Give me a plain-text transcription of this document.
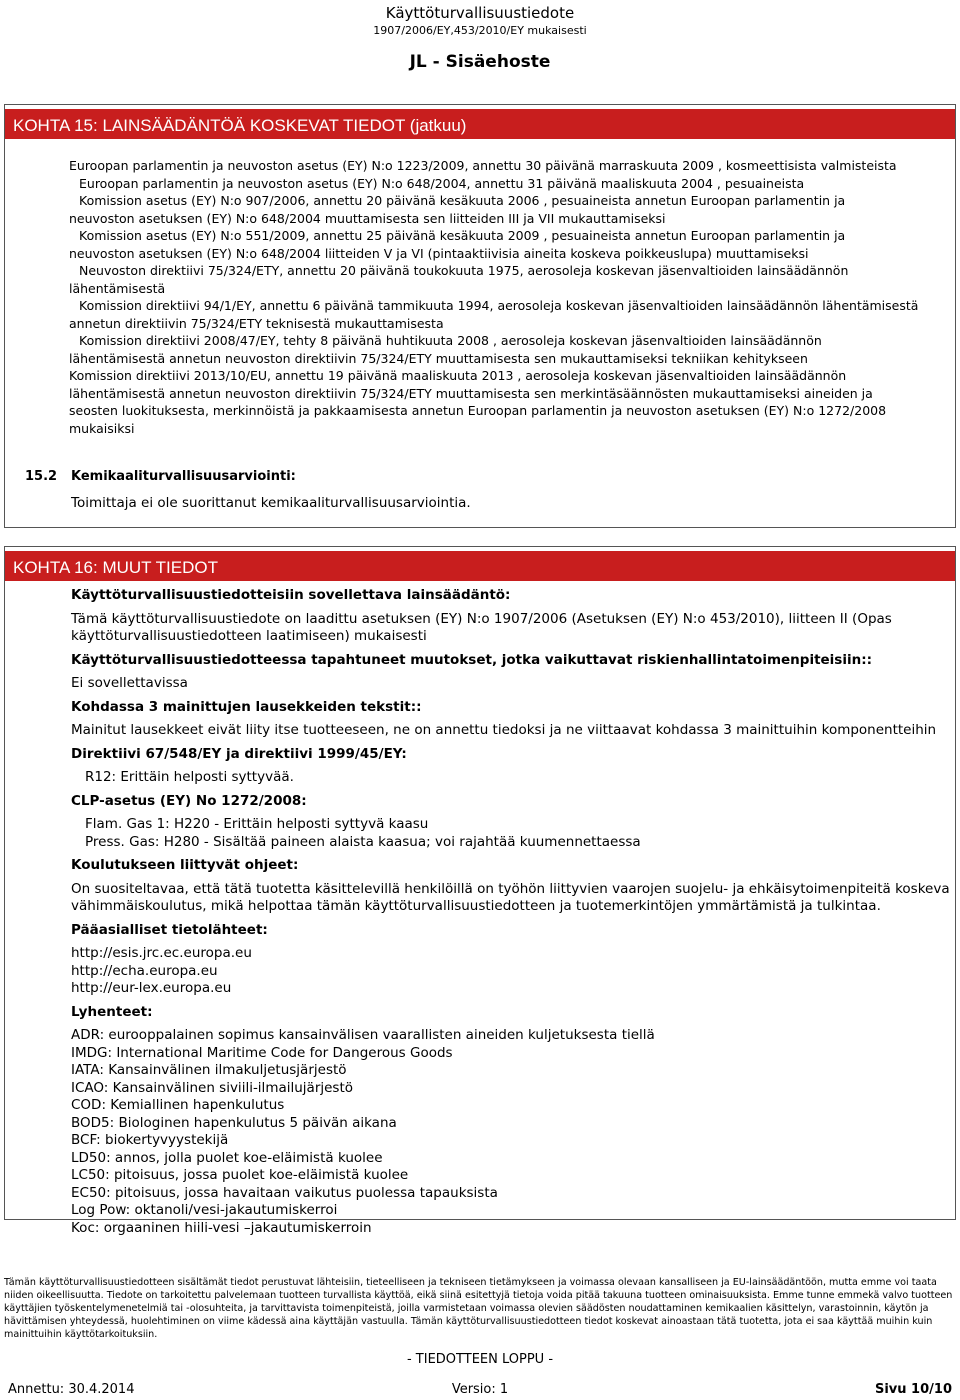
Käyttöturvallisuustiedote
1907/2006/EY,453/2010/EY mukaisesti
JL - Sisäehoste
KOHTA 15: LAINSÄÄDÄNTÖÄ KOSKEVAT TIEDOT (jatkuu)
Euroopan parlamentin ja neuvoston asetus (EY) N:o 1223/2009, annettu 30 päivänä marraskuuta 2009 , kosmeettisista valmisteista
Euroopan parlamentin ja neuvoston asetus (EY) N:o 648/2004, annettu 31 päivänä maaliskuuta 2004 , pesuaineista
Komission asetus (EY) N:o 907/2006, annettu 20 päivänä kesäkuuta 2006 , pesuaineista annetun Euroopan parlamentin ja
neuvoston asetuksen (EY) N:o 648/2004 muuttamisesta sen liitteiden III ja VII mukauttamiseksi
Komission asetus (EY) N:o 551/2009, annettu 25 päivänä kesäkuuta 2009 , pesuaineista annetun Euroopan parlamentin ja
neuvoston asetuksen (EY) N:o 648/2004 liitteiden V ja VI (pintaaktiivisia aineita koskeva poikkeuslupa) muuttamiseksi
Neuvoston direktiivi 75/324/ETY, annettu 20 päivänä toukokuuta 1975, aerosoleja koskevan jäsenvaltioiden lainsäädännön
lähentämisestä
Komission direktiivi 94/1/EY, annettu 6 päivänä tammikuuta 1994, aerosoleja koskevan jäsenvaltioiden lainsäädännön lähentämisestä
annetun direktiivin 75/324/ETY teknisestä mukauttamisesta
Komission direktiivi 2008/47/EY, tehty 8 päivänä huhtikuuta 2008 , aerosoleja koskevan jäsenvaltioiden lainsäädännön
lähentämisestä annetun neuvoston direktiivin 75/324/ETY muuttamisesta sen mukauttamiseksi tekniikan kehitykseen
Komission direktiivi 2013/10/EU, annettu 19 päivänä maaliskuuta 2013 , aerosoleja koskevan jäsenvaltioiden lainsäädännön
lähentämisestä annetun neuvoston direktiivin 75/324/ETY muuttamisesta sen merkintäsäännösten mukauttamiseksi aineiden ja
seosten luokituksesta, merkinnöistä ja pakkaamisesta annetun Euroopan parlamentin ja neuvoston asetuksen (EY) N:o 1272/2008
mukaisiksi
15.2 Kemikaaliturvallisuusarviointi:
Toimittaja ei ole suorittanut kemikaaliturvallisuusarviointia.
KOHTA 16: MUUT TIEDOT
Käyttöturvallisuustiedotteisiin sovellettava lainsäädäntö:
Tämä käyttöturvallisuustiedote on laadittu asetuksen (EY) N:o 1907/2006 (Asetuksen (EY) N:o 453/2010), liitteen II (Opas
käyttöturvallisuustiedotteen laatimiseen) mukaisesti
Käyttöturvallisuustiedotteessa tapahtuneet muutokset, jotka vaikuttavat riskienhallintatoimenpiteisiin::
Ei sovellettavissa
Kohdassa 3 mainittujen lausekkeiden tekstit::
Mainitut lausekkeet eivät liity itse tuotteeseen, ne on annettu tiedoksi ja ne viittaavat kohdassa 3 mainittuihin komponentteihin
Direktiivi 67/548/EY ja direktiivi 1999/45/EY:
R12: Erittäin helposti syttyvää.
CLP-asetus (EY) No 1272/2008:
Flam. Gas 1: H220 - Erittäin helposti syttyvä kaasu
Press. Gas: H280 - Sisältää paineen alaista kaasua; voi rajahtää kuumennettaessa
Koulutukseen liittyvät ohjeet:
On suositeltavaa, että tätä tuotetta käsittelevillä henkilöillä on työhön liittyvien vaarojen suojelu- ja ehkäisytoimenpiteitä koskeva
vähimmäiskoulutus, mikä helpottaa tämän käyttöturvallisuustiedotteen ja tuotemerkintöjen ymmärtämistä ja tulkintaa.
Pääasialliset tietolähteet:
http://esis.jrc.ec.europa.eu
http://echa.europa.eu
http://eur-lex.europa.eu
Lyhenteet:
ADR: eurooppalainen sopimus kansainvälisen vaarallisten aineiden kuljetuksesta tiellä
IMDG: International Maritime Code for Dangerous Goods
IATA: Kansainvälinen ilmakuljetusjärjestö
ICAO: Kansainvälinen siviili-ilmailujärjestö
COD: Kemiallinen hapenkulutus
BOD5: Biologinen hapenkulutus 5 päivän aikana
BCF: biokertyvyystekijä
LD50: annos, jolla puolet koe-eläimistä kuolee
LC50: pitoisuus, jossa puolet koe-eläimistä kuolee
EC50: pitoisuus, jossa havaitaan vaikutus puolessa tapauksista
Log Pow: oktanoli/vesi-jakautumiskerroi
Koc: orgaaninen hiili-vesi –jakautumiskerroin
Tämän käyttöturvallisuustiedotteen sisältämät tiedot perustuvat lähteisiin, tieteelliseen ja tekniseen tietämykseen ja voimassa olevaan kansalliseen ja EU-lainsäädäntöön, mutta emme voi taata niiden oikeellisuutta. Tiedote on tarkoitettu palvelemaan tuotteen turvallista käyttöä, eikä siinä esitettyjä tietoja voida pitää takuuna tuotteen ominaisuuksista. Emme tunne emmekä valvo tuotteen käyttäjien työskentelymenetelmiä tai -olosuhteita, ja tarvittavista toimenpiteistä, joilla varmistetaan voimassa olevien säädösten noudattaminen kemikaalien käsittelyn, varastoinnin, käytön ja hävittämisen yhteydessä, huolehtiminen on viime kädessä aina käyttäjän vastuulla. Tämän käyttöturvallisuustiedotteen tiedot koskevat ainoastaan tätä tuotetta, jota ei saa käyttää muihin kuin mainittuihin käyttötarkoituksiin.
- TIEDOTTEEN LOPPU -
Annettu: 30.4.2014	Versio: 1	Sivu 10/10
